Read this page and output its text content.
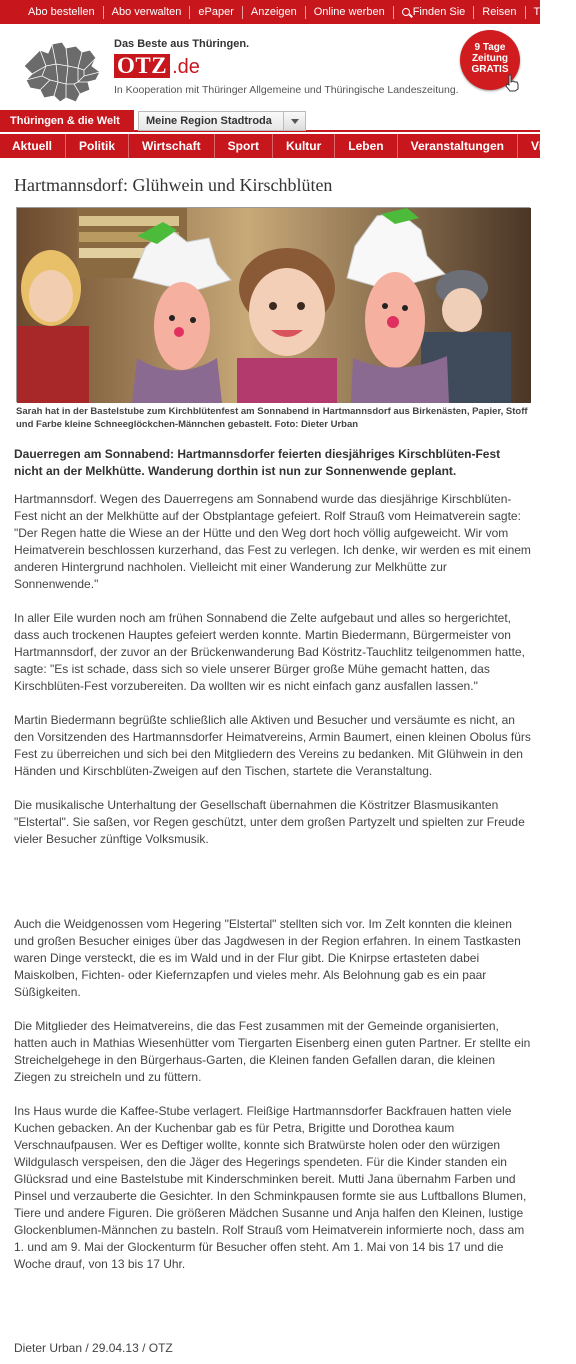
Abo bestellen	Abo verwalten	ePaper	Anzeigen	Online werben	Finden Sie	Reisen	Tickets
Das Beste aus Thüringen.
OTZ .de
In Kooperation mit Thüringer Allgemeine und Thüringische Landeszeitung.
9 Tage
Zeitung
GRATIS
Thüringen & die Welt	Meine Region Stadtroda
Aktuell	Politik	Wirtschaft	Sport	Kultur	Leben	Veranstaltungen	Video
Hartmannsdorf: Glühwein und Kirschblüten
Sarah hat in der Bastelstube zum Kirchblütenfest am Sonnabend in Hartmannsdorf aus Birkenästen, Papier, Stoff und Farbe kleine Schneeglöckchen-Männchen gebastelt. Foto: Dieter Urban
Dauerregen am Sonnabend: Hartmannsdorfer feierten diesjähriges Kirschblüten-Fest nicht an der Melkhütte. Wanderung dorthin ist nun zur Sonnenwende geplant.

Hartmannsdorf. Wegen des Dauerregens am Sonnabend wurde das diesjährige Kirschblüten-Fest nicht an der Melkhütte auf der Obstplantage gefeiert. Rolf Strauß vom Heimatverein sagte: "Der Regen hatte die Wiese an der Hütte und den Weg dort hoch völlig aufgeweicht. Wir vom Heimatverein beschlossen kurzerhand, das Fest zu verlegen. Ich denke, wir werden es mit einem anderen Hintergrund nachholen. Vielleicht mit einer Wanderung zur Melkhütte zur Sonnenwende."

In aller Eile wurden noch am frühen Sonnabend die Zelte aufgebaut und alles so hergerichtet, dass auch trockenen Hauptes gefeiert werden konnte. Martin Biedermann, Bürgermeister von Hartmannsdorf, der zuvor an der Brückenwanderung Bad Köstritz-Tauchlitz teilgenommen hatte, sagte: "Es ist schade, dass sich so viele unserer Bürger große Mühe gemacht hatten, das Kirschblüten-Fest vorzubereiten. Da wollten wir es nicht einfach ganz ausfallen lassen."

Martin Biedermann begrüßte schließlich alle Aktiven und Besucher und versäumte es nicht, an den Vorsitzenden des Hartmannsdorfer Heimatvereins, Armin Baumert, einen kleinen Obolus fürs Fest zu überreichen und sich bei den Mitgliedern des Vereins zu bedanken. Mit Glühwein in den Händen und Kirschblüten-Zweigen auf den Tischen, startete die Veranstaltung.

Die musikalische Unterhaltung der Gesellschaft übernahmen die Köstritzer Blasmusikanten "Elstertal". Sie saßen, vor Regen geschützt, unter dem großen Partyzelt und spielten zur Freude vieler Besucher zünftige Volksmusik.

Auch die Weidgenossen vom Hegering "Elstertal" stellten sich vor. Im Zelt konnten die kleinen und großen Besucher einiges über das Jagdwesen in der Region erfahren. In einem Tastkasten waren Dinge versteckt, die es im Wald und in der Flur gibt. Die Knirpse ertasteten dabei Maiskolben, Fichten- oder Kiefernzapfen und vieles mehr. Als Belohnung gab es ein paar Süßigkeiten.

Die Mitglieder des Heimatvereins, die das Fest zusammen mit der Gemeinde organisierten, hatten auch in Mathias Wiesenhütter vom Tiergarten Eisenberg einen guten Partner. Er stellte ein Streichelgehege in den Bürgerhaus-Garten, die Kleinen fanden Gefallen daran, die kleinen Ziegen zu streicheln und zu füttern.

Ins Haus wurde die Kaffee-Stube verlagert. Fleißige Hartmannsdorfer Backfrauen hatten viele Kuchen gebacken. An der Kuchenbar gab es für Petra, Brigitte und Dorothea kaum Verschnaufpausen. Wer es Deftiger wollte, konnte sich Bratwürste holen oder den würzigen Wildgulasch verspeisen, den die Jäger des Hegerings spendeten. Für die Kinder standen ein Glücksrad und eine Bastelstube mit Kinderschminken bereit. Mutti Jana übernahm Farben und Pinsel und verzauberte die Gesichter. In den Schminkpausen formte sie aus Luftballons Blumen, Tiere und andere Figuren. Die größeren Mädchen Susanne und Anja halfen den Kleinen, lustige Glockenblumen-Männchen zu basteln. Rolf Strauß vom Heimatverein informierte noch, dass am 1. und am 9. Mai der Glockenturm für Besucher offen steht. Am 1. Mai von 14 bis 17 und die Woche drauf, von 13 bis 17 Uhr.

Dieter Urban / 29.04.13 / OTZ
